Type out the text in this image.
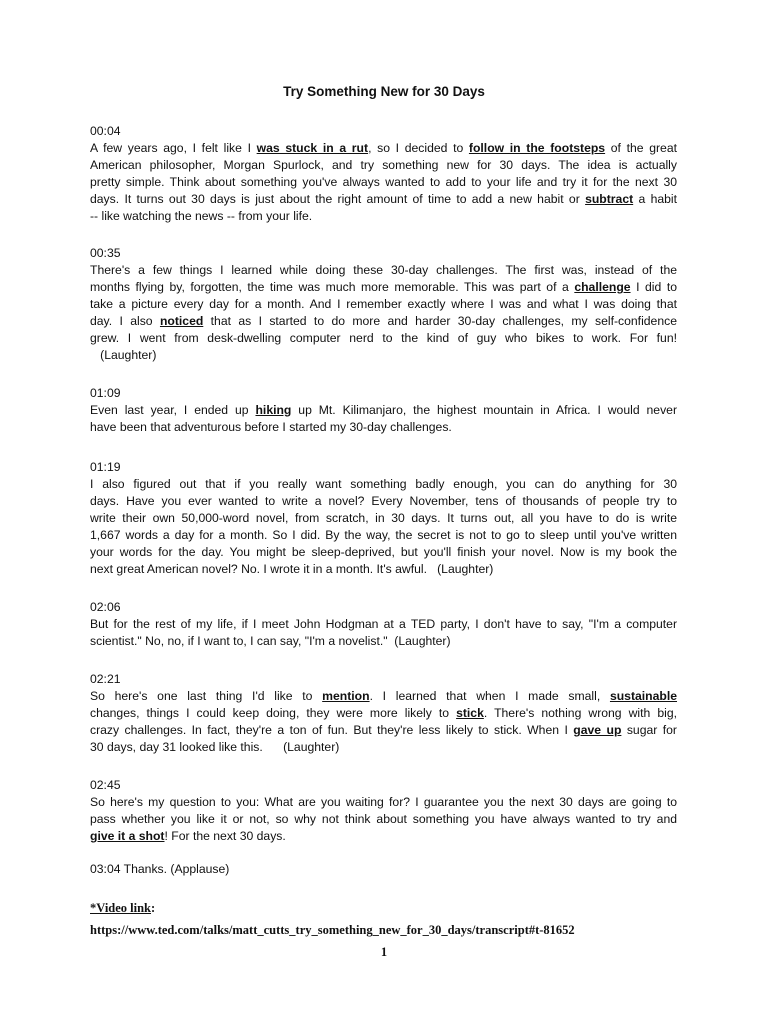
Try Something New for 30 Days
00:04
A few years ago, I felt like I was stuck in a rut, so I decided to follow in the footsteps of the great
American philosopher, Morgan Spurlock, and try something new for 30 days. The idea is actually
pretty simple. Think about something you've always wanted to add to your life and try it for the next 30
days. It turns out 30 days is just about the right amount of time to add a new habit or subtract a habit
-- like watching the news -- from your life.
00:35
There's a few things I learned while doing these 30-day challenges. The first was, instead of the
months flying by, forgotten, the time was much more memorable. This was part of a challenge I did to
take a picture every day for a month. And I remember exactly where I was and what I was doing that
day. I also noticed that as I started to do more and harder 30-day challenges, my self-confidence
grew. I went from desk-dwelling computer nerd to the kind of guy who bikes to work. For fun!
(Laughter)
01:09
Even last year, I ended up hiking up Mt. Kilimanjaro, the highest mountain in Africa. I would never
have been that adventurous before I started my 30-day challenges.
01:19
I also figured out that if you really want something badly enough, you can do anything for 30
days. Have you ever wanted to write a novel? Every November, tens of thousands of people try to
write their own 50,000-word novel, from scratch, in 30 days. It turns out, all you have to do is write
1,667 words a day for a month. So I did. By the way, the secret is not to go to sleep until you've written
your words for the day. You might be sleep-deprived, but you'll finish your novel. Now is my book the
next great American novel? No. I wrote it in a month. It's awful.   (Laughter)
02:06
But for the rest of my life, if I meet John Hodgman at a TED party, I don't have to say, "I'm a computer
scientist." No, no, if I want to, I can say, "I'm a novelist."  (Laughter)
02:21
So here's one last thing I'd like to mention. I learned that when I made small, sustainable
changes, things I could keep doing, they were more likely to stick. There's nothing wrong with big,
crazy challenges. In fact, they're a ton of fun. But they're less likely to stick. When I gave up sugar for
30 days, day 31 looked like this.      (Laughter)
02:45
So here's my question to you: What are you waiting for? I guarantee you the next 30 days are going to
pass whether you like it or not, so why not think about something you have always wanted to try and
give it a shot! For the next 30 days.
03:04 Thanks. (Applause)
*Video link:
https://www.ted.com/talks/matt_cutts_try_something_new_for_30_days/transcript#t-81652
1
